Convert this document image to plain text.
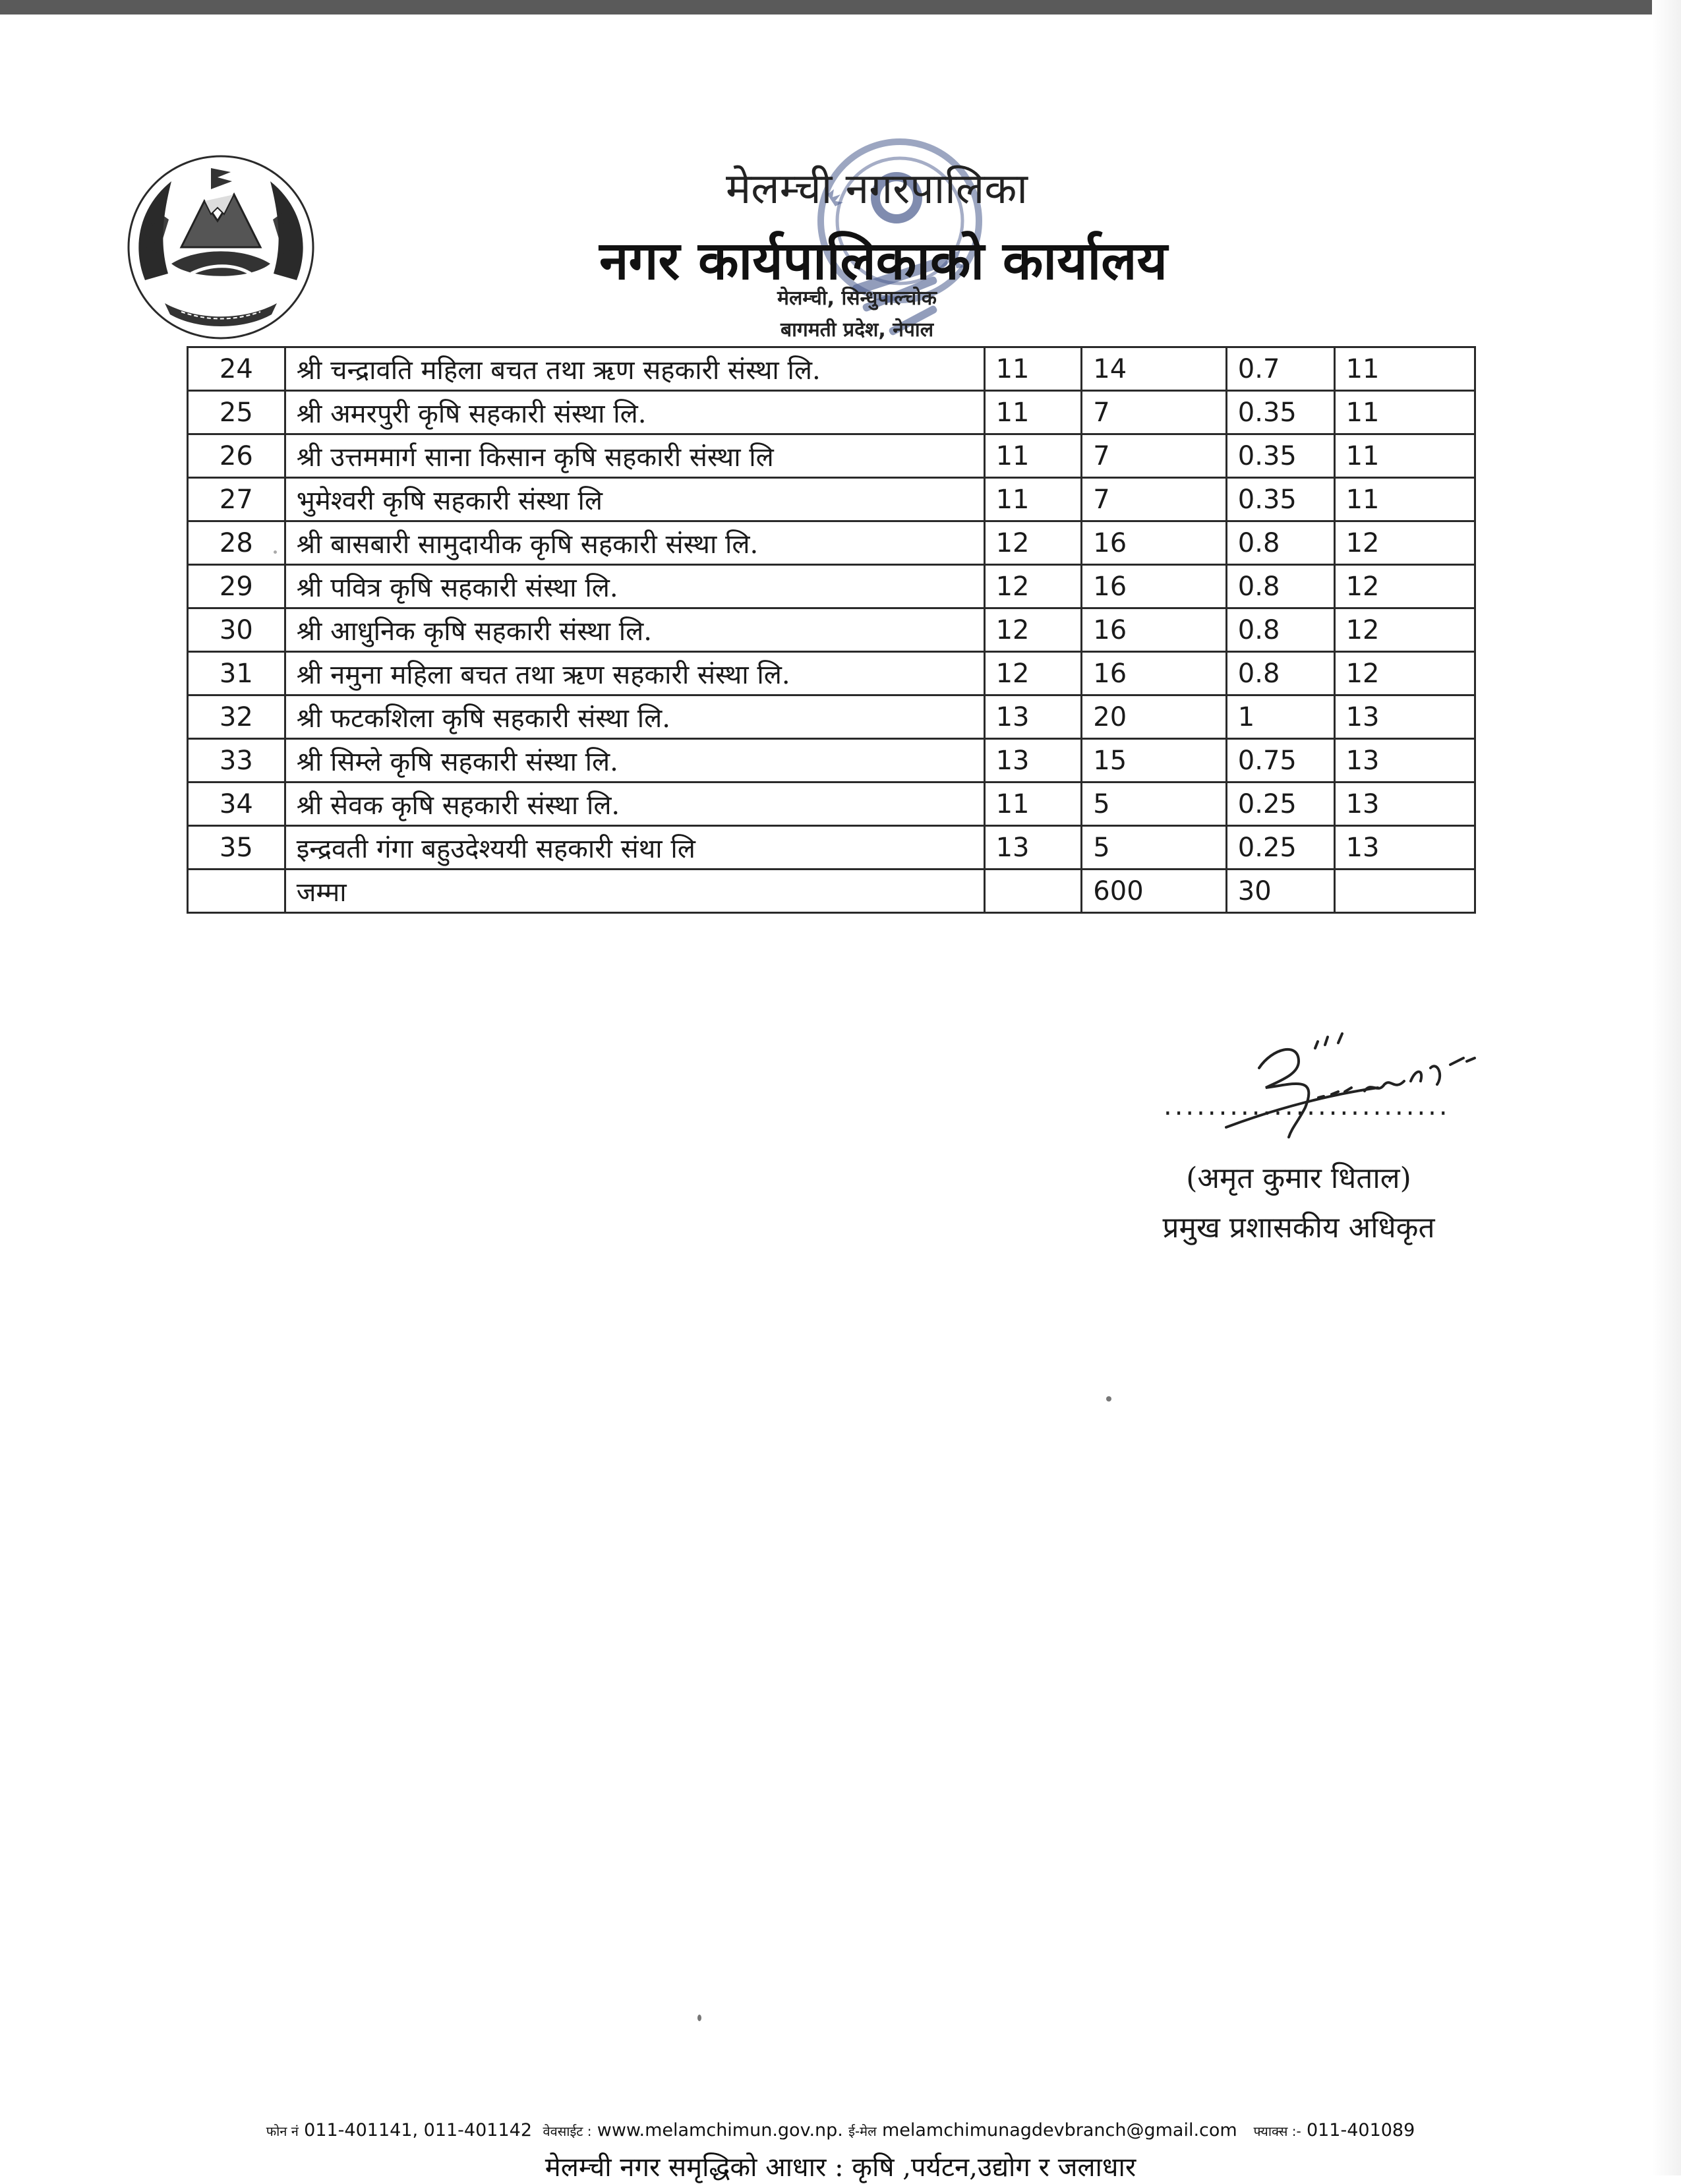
मेलम्ची नगरपालिका
नगर कार्यपालिकाको कार्यालय
मेलम्ची, सिन्धुपाल्चोक
बागमती प्रदेश, नेपाल
24	श्री चन्द्रावति महिला बचत तथा ऋण सहकारी संस्था लि.	11	14	0.7	11
25	श्री अमरपुरी कृषि सहकारी संस्था लि.	11	7	0.35	11
26	श्री उत्तममार्ग साना किसान कृषि सहकारी संस्था लि	11	7	0.35	11
27	भुमेश्वरी कृषि सहकारी संस्था लि	11	7	0.35	11
28	श्री बासबारी सामुदायीक कृषि सहकारी संस्था लि.	12	16	0.8	12
29	श्री पवित्र कृषि सहकारी संस्था लि.	12	16	0.8	12
30	श्री आधुनिक कृषि सहकारी संस्था लि.	12	16	0.8	12
31	श्री नमुना महिला बचत तथा ऋण सहकारी संस्था लि.	12	16	0.8	12
32	श्री फटकशिला कृषि सहकारी संस्था लि.	13	20	1	13
33	श्री सिम्ले कृषि सहकारी संस्था लि.	13	15	0.75	13
34	श्री सेवक कृषि सहकारी संस्था लि.	11	5	0.25	13
35	इन्द्रवती गंगा बहुउदेश्ययी सहकारी संथा लि	13	5	0.25	13
	जम्मा		600	30	
..........................
(अमृत कुमार धिताल)
प्रमुख प्रशासकीय अधिकृत
फोन नं 011-401141, 011-401142 वेवसाईट : www.melamchimun.gov.np. ई-मेल melamchimunagdevbranch@gmail.com फ्याक्स :- 011-401089
मेलम्ची नगर समृद्धिको आधार : कृषि ,पर्यटन,उद्योग र जलाधार
